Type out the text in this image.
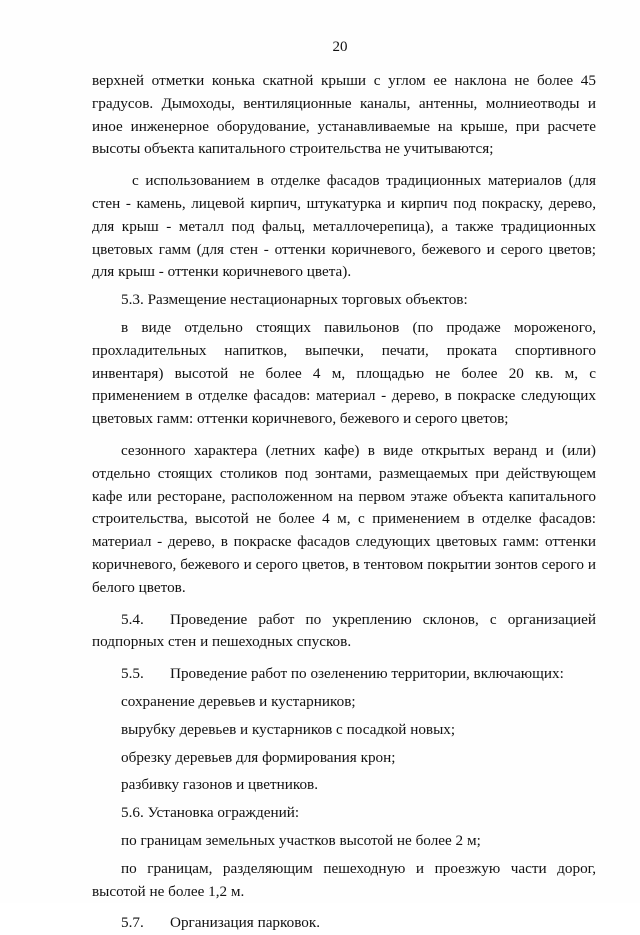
20

верхней отметки конька скатной крыши с углом ее наклона не более 45 градусов. Дымоходы, вентиляционные каналы, антенны, молниеотводы и иное инженерное оборудование, устанавливаемые на крыше, при расчете высоты объекта капитального строительства не учитываются;

с использованием в отделке фасадов традиционных материалов (для стен - камень, лицевой кирпич, штукатурка и кирпич под покраску, дерево, для крыш - металл под фальц, металлочерепица), а также традиционных цветовых гамм (для стен - оттенки коричневого, бежевого и серого цветов; для крыш - оттенки коричневого цвета).

5.3. Размещение нестационарных торговых объектов:

в виде отдельно стоящих павильонов (по продаже мороженого, прохладительных напитков, выпечки, печати, проката спортивного инвентаря) высотой не более 4 м, площадью не более 20 кв. м, с применением в отделке фасадов: материал - дерево, в покраске следующих цветовых гамм: оттенки коричневого, бежевого и серого цветов;

сезонного характера (летних кафе) в виде открытых веранд и (или) отдельно стоящих столиков под зонтами, размещаемых при действующем кафе или ресторане, расположенном на первом этаже объекта капитального строительства, высотой не более 4 м, с применением в отделке фасадов: материал - дерево, в покраске фасадов следующих цветовых гамм: оттенки коричневого, бежевого и серого цветов, в тентовом покрытии зонтов серого и белого цветов.

5.4. Проведение работ по укреплению склонов, с организацией подпорных стен и пешеходных спусков.

5.5. Проведение работ по озеленению территории, включающих:

сохранение деревьев и кустарников;

вырубку деревьев и кустарников с посадкой новых;

обрезку деревьев для формирования крон;

разбивку газонов и цветников.

5.6. Установка ограждений:

по границам земельных участков высотой не более 2 м;

по границам, разделяющим пешеходную и проезжую части дорог, высотой не более 1,2 м.

5.7. Организация парковок.
